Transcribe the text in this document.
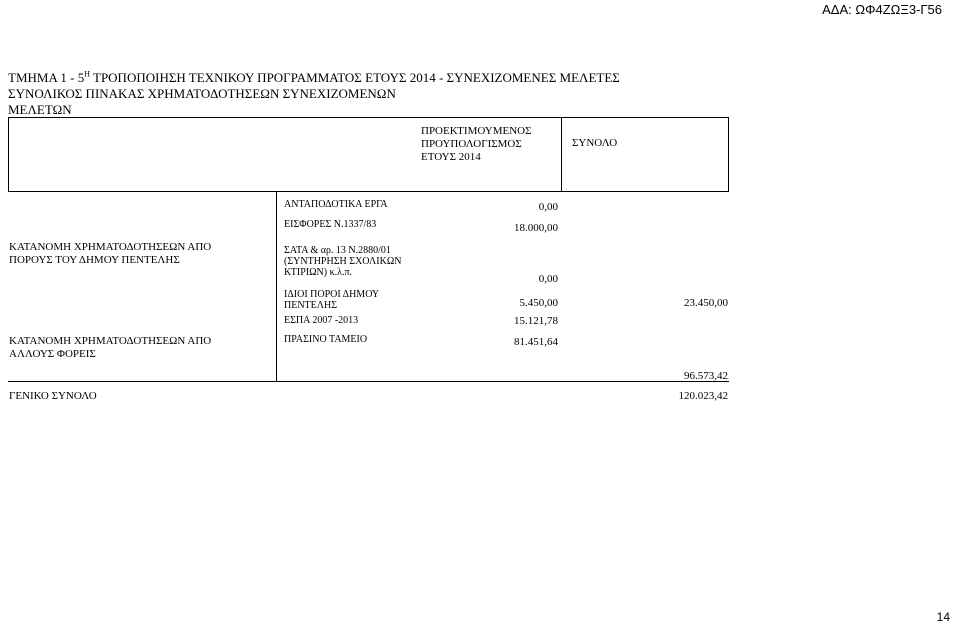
ΑΔΑ: ΩΦ4ΖΩΞ3-Γ56
ΤΜΗΜΑ $1 - 5^H$ ΤΡΟΠΟΠΟΙΗΣΗ ΤΕΧΝΙΚΟΥ ΠΡΟΓΡΑΜΜΑΤΟΣ ΕΤΟΥΣ 2014 - ΣΥΝΕΧΙΖΟΜΕΝΕΣ ΜΕΛΕΤΕΣ
ΣΥΝΟΛΙΚΟΣ ΠΙΝΑΚΑΣ ΧΡΗΜΑΤΟΔΟΤΗΣΕΩΝ ΣΥΝΕΧΙΖΟΜΕΝΩΝ
ΜΕΛΕΤΩΝ
ΠΡΟΕΚΤΙΜΟΥΜΕΝΟΣ
ΠΡΟΥΠΟΛΟΓΙΣΜΟΣ
ΕΤΟΥΣ 2014
ΣΥΝΟΛΟ
ΚΑΤΑΝΟΜΗ ΧΡΗΜΑΤΟΔΟΤΗΣΕΩΝ ΑΠΟ
ΠΟΡΟΥΣ ΤΟΥ ΔΗΜΟΥ ΠΕΝΤΕΛΗΣ
ΚΑΤΑΝΟΜΗ ΧΡΗΜΑΤΟΔΟΤΗΣΕΩΝ ΑΠΟ
ΑΛΛΟΥΣ ΦΟΡΕΙΣ
ΑΝΤΑΠΟΔΟΤΙΚΑ ΕΡΓΑ
ΕΙΣΦΟΡΕΣ Ν.1337/83
ΣΑΤΑ & αρ. 13 Ν.2880/01
(ΣΥΝΤΗΡΗΣΗ ΣΧΟΛΙΚΩΝ
ΚΤΙΡΙΩΝ) κ.λ.π.
ΙΔΙΟΙ ΠΟΡΟΙ ΔΗΜΟΥ
ΠΕΝΤΕΛΗΣ
ΕΣΠΑ 2007 -2013
ΠΡΑΣΙΝΟ ΤΑΜΕΙΟ
0,00
18.000,00
0,00
5.450,00	23.450,00
15.121,78
81.451,64
96.573,42
ΓΕΝΙΚΟ ΣΥΝΟΛΟ	120.023,42
14
